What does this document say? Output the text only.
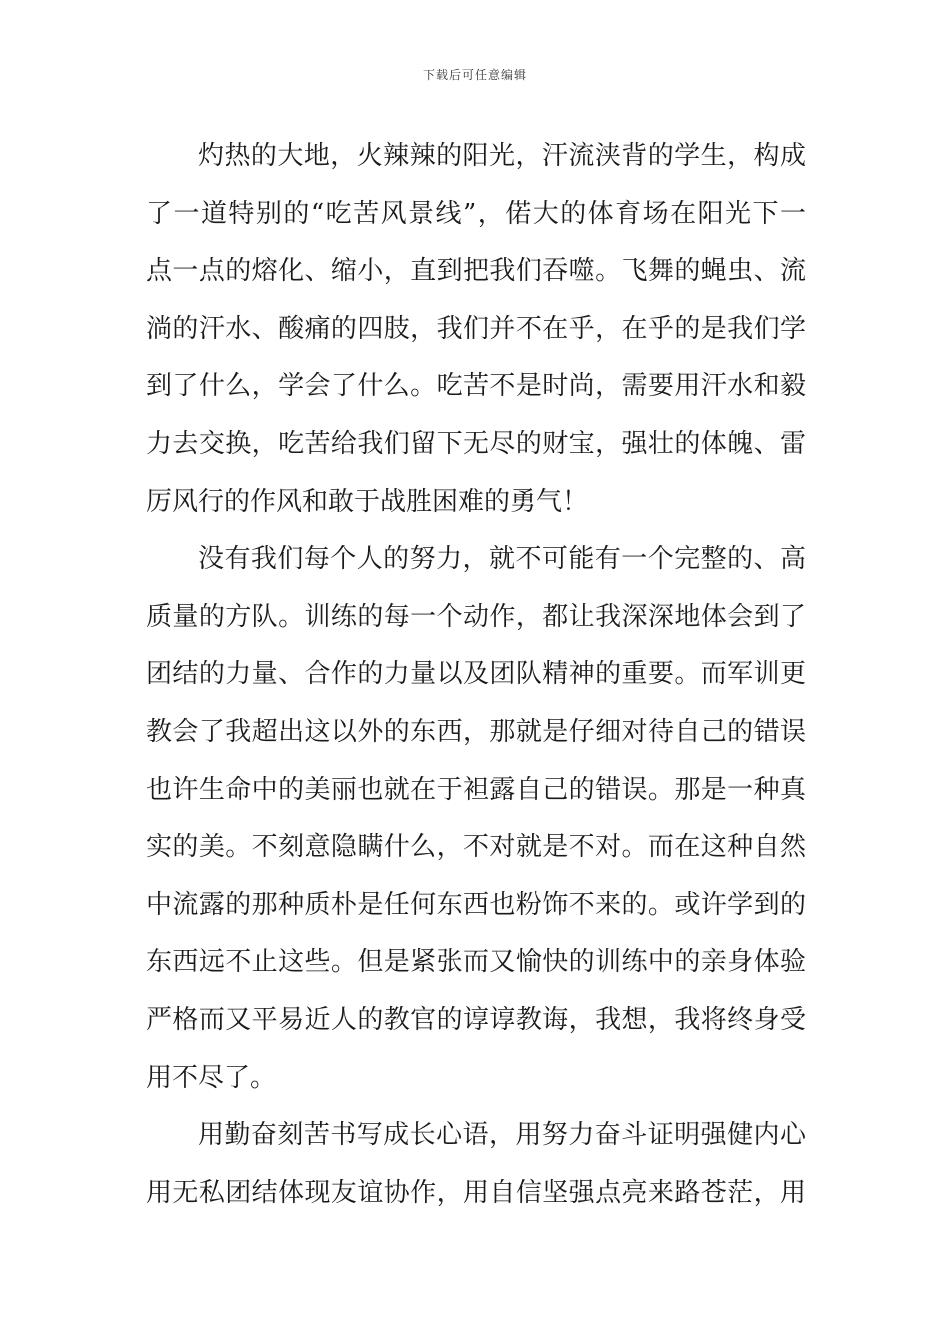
下载后可任意编辑
灼热的大地，火辣辣的阳光，汗流浃背的学生，构成
了一道特别的“吃苦风景线”，偌大的体育场在阳光下一
点一点的熔化、缩小，直到把我们吞噬。飞舞的蝇虫、流
淌的汗水、酸痛的四肢，我们并不在乎，在乎的是我们学
到了什么，学会了什么。吃苦不是时尚，需要用汗水和毅
力去交换，吃苦给我们留下无尽的财宝，强壮的体魄、雷
厉风行的作风和敢于战胜困难的勇气！
没有我们每个人的努力，就不可能有一个完整的、高
质量的方队。训练的每一个动作，都让我深深地体会到了
团结的力量、合作的力量以及团队精神的重要。而军训更
教会了我超出这以外的东西，那就是仔细对待自己的错误
也许生命中的美丽也就在于袒露自己的错误。那是一种真
实的美。不刻意隐瞒什么，不对就是不对。而在这种自然
中流露的那种质朴是任何东西也粉饰不来的。或许学到的
东西远不止这些。但是紧张而又愉快的训练中的亲身体验
严格而又平易近人的教官的谆谆教诲，我想，我将终身受
用不尽了。
用勤奋刻苦书写成长心语，用努力奋斗证明强健内心
用无私团结体现友谊协作，用自信坚强点亮来路苍茫，用
